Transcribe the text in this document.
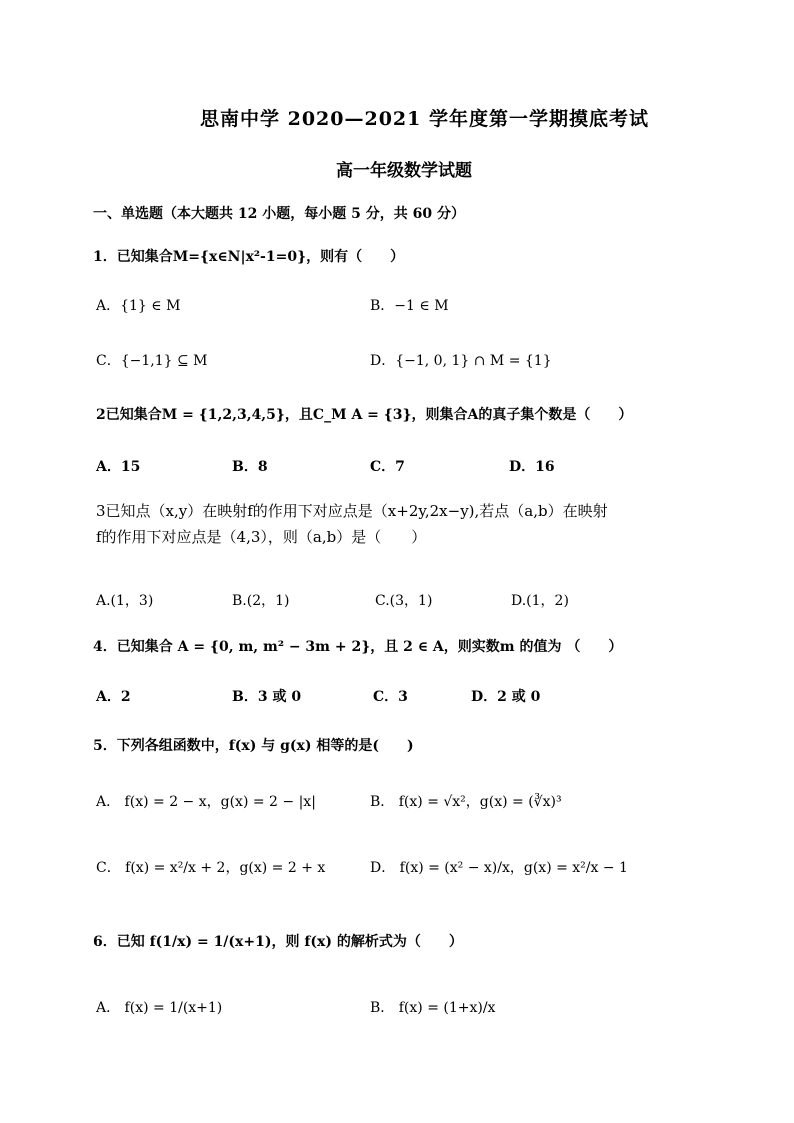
思南中学 2020—2021 学年度第一学期摸底考试
高一年级数学试题
一、单选题（本大题共 12 小题，每小题 5 分，共 60 分）
1．已知集合M={x∈N|x²-1=0}，则有（　　）
A．{1} ∈ M	B．−1 ∈ M
C．{−1,1} ⊆ M	D．{−1, 0, 1} ∩ M = {1}
2已知集合M = {1,2,3,4,5}，且C_M A = {3}，则集合A的真子集个数是（　　）
A．15	B．8	C．7	D．16
3已知点（x,y）在映射f的作用下对应点是（x+2y,2x−y),若点（a,b）在映射
f的作用下对应点是（4,3），则（a,b）是（　　）
A.(1，3)	B.(2，1)	C.(3，1)	D.(1，2)
4．已知集合 A = {0, m, m² − 3m + 2}，且 2 ∈ A，则实数m 的值为 （　　）
A．2	B．3 或 0	C．3	D．2 或 0
5．下列各组函数中，f(x) 与 g(x) 相等的是(　　)
A． f(x) = 2 − x，g(x) = 2 − |x|	B． f(x) = √x²，g(x) = (∛x)³
C． f(x) = x²/x + 2，g(x) = 2 + x	D． f(x) = (x² − x)/x，g(x) = x²/x − 1
6．已知 f(1/x) = 1/(x+1)，则 f(x) 的解析式为（　　）
A． f(x) = 1/(x+1)	B． f(x) = (1+x)/x
